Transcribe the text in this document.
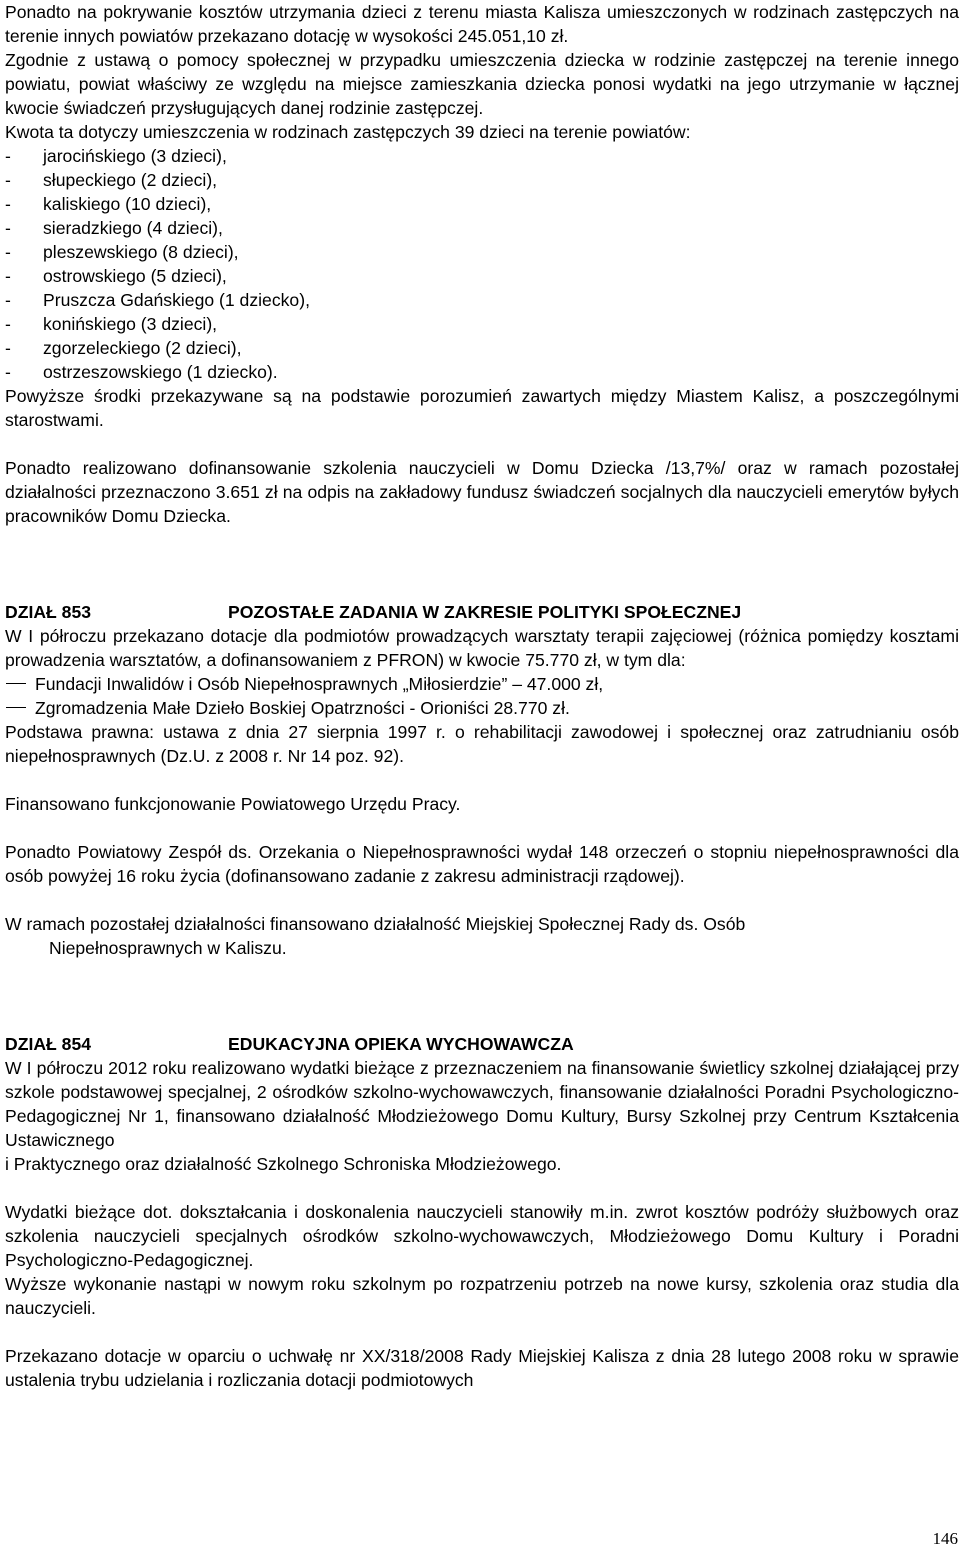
Ponadto na pokrywanie kosztów utrzymania dzieci z terenu miasta Kalisza umieszczonych w rodzinach zastępczych na terenie innych powiatów przekazano dotację w wysokości 245.051,10 zł.

Zgodnie z ustawą o pomocy społecznej w przypadku umieszczenia dziecka w rodzinie zastępczej na terenie innego powiatu, powiat właściwy ze względu na miejsce zamieszkania dziecka ponosi wydatki na jego utrzymanie w łącznej kwocie świadczeń przysługujących danej rodzinie zastępczej.

Kwota ta dotyczy umieszczenia w rodzinach zastępczych 39 dzieci na terenie powiatów:

- jarocińskiego (3 dzieci),
- słupeckiego (2 dzieci),
- kaliskiego (10 dzieci),
- sieradzkiego (4 dzieci),
- pleszewskiego (8 dzieci),
- ostrowskiego (5 dzieci),
- Pruszcza Gdańskiego (1 dziecko),
- konińskiego (3 dzieci),
- zgorzeleckiego (2 dzieci),
- ostrzeszowskiego (1 dziecko).

Powyższe środki przekazywane są na podstawie porozumień zawartych między Miastem Kalisz, a poszczególnymi starostwami.

Ponadto realizowano dofinansowanie szkolenia nauczycieli w Domu Dziecka /13,7%/ oraz w ramach pozostałej działalności przeznaczono 3.651 zł na odpis na zakładowy fundusz świadczeń socjalnych dla nauczycieli emerytów byłych pracowników Domu Dziecka.

DZIAŁ 853	POZOSTAŁE ZADANIA W ZAKRESIE POLITYKI SPOŁECZNEJ

W I półroczu przekazano dotacje dla podmiotów prowadzących warsztaty terapii zajęciowej (różnica pomiędzy kosztami prowadzenia warsztatów, a dofinansowaniem z PFRON) w kwocie 75.770 zł, w tym dla:

Fundacji Inwalidów i Osób Niepełnosprawnych „Miłosierdzie” – 47.000 zł,
Zgromadzenia Małe Dzieło Boskiej Opatrzności - Orioniści 28.770 zł.

Podstawa prawna: ustawa z dnia 27 sierpnia 1997 r. o rehabilitacji zawodowej i społecznej oraz zatrudnianiu osób niepełnosprawnych (Dz.U. z 2008 r. Nr 14 poz. 92).

Finansowano funkcjonowanie Powiatowego Urzędu Pracy.

Ponadto Powiatowy Zespół ds. Orzekania o Niepełnosprawności wydał 148 orzeczeń o stopniu niepełnosprawności dla osób powyżej 16 roku życia (dofinansowano zadanie z zakresu administracji rządowej).

W ramach pozostałej działalności finansowano działalność Miejskiej Społecznej Rady ds. Osób

Niepełnosprawnych w Kaliszu.

DZIAŁ 854	EDUKACYJNA OPIEKA WYCHOWAWCZA

W I półroczu 2012 roku realizowano wydatki bieżące z przeznaczeniem na finansowanie świetlicy szkolnej działającej przy szkole podstawowej specjalnej, 2 ośrodków szkolno-wychowawczych, finansowanie działalności Poradni Psychologiczno-Pedagogicznej Nr 1, finansowano działalność Młodzieżowego Domu Kultury, Bursy Szkolnej przy Centrum Kształcenia Ustawicznego

i Praktycznego oraz działalność Szkolnego Schroniska Młodzieżowego.

Wydatki bieżące dot. dokształcania i doskonalenia nauczycieli stanowiły m.in. zwrot kosztów podróży służbowych oraz szkolenia nauczycieli specjalnych ośrodków szkolno-wychowawczych, Młodzieżowego Domu Kultury i Poradni Psychologiczno-Pedagogicznej.

Wyższe wykonanie nastąpi w nowym roku szkolnym po rozpatrzeniu potrzeb na nowe kursy, szkolenia oraz studia dla nauczycieli.

Przekazano dotacje w oparciu o uchwałę nr XX/318/2008 Rady Miejskiej Kalisza z dnia 28 lutego 2008 roku w sprawie ustalenia trybu udzielania i rozliczania dotacji podmiotowych

146
